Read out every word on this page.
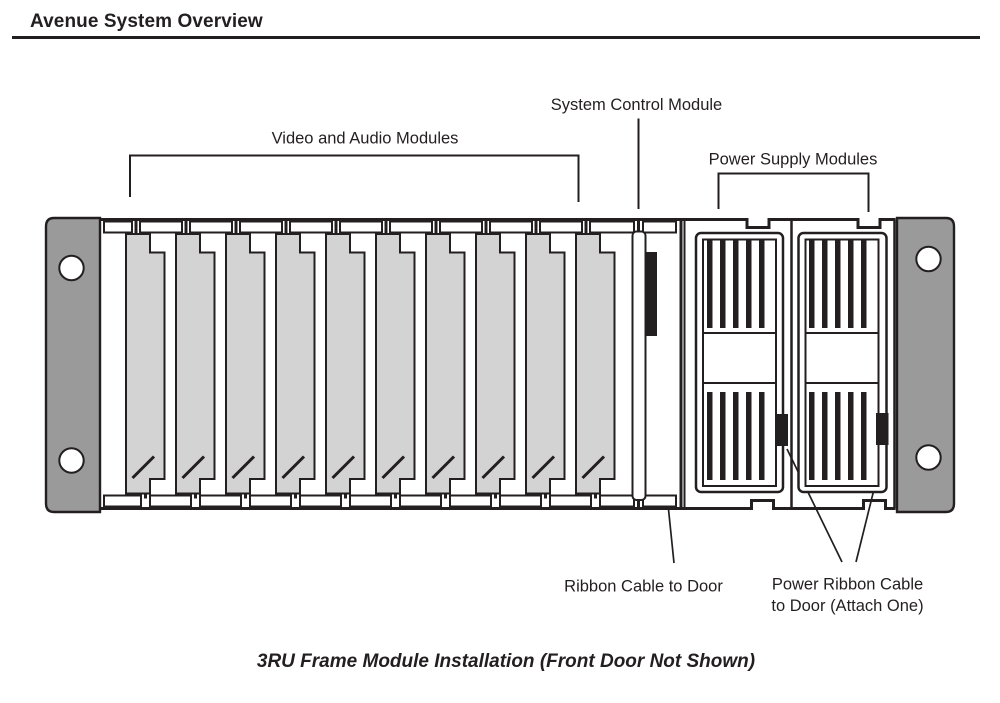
Avenue System Overview
Video and Audio Modules
System Control Module
Power Supply Modules
Ribbon Cable to Door	Power Ribbon Cable
to Door (Attach One)
3RU Frame Module Installation (Front Door Not Shown)
